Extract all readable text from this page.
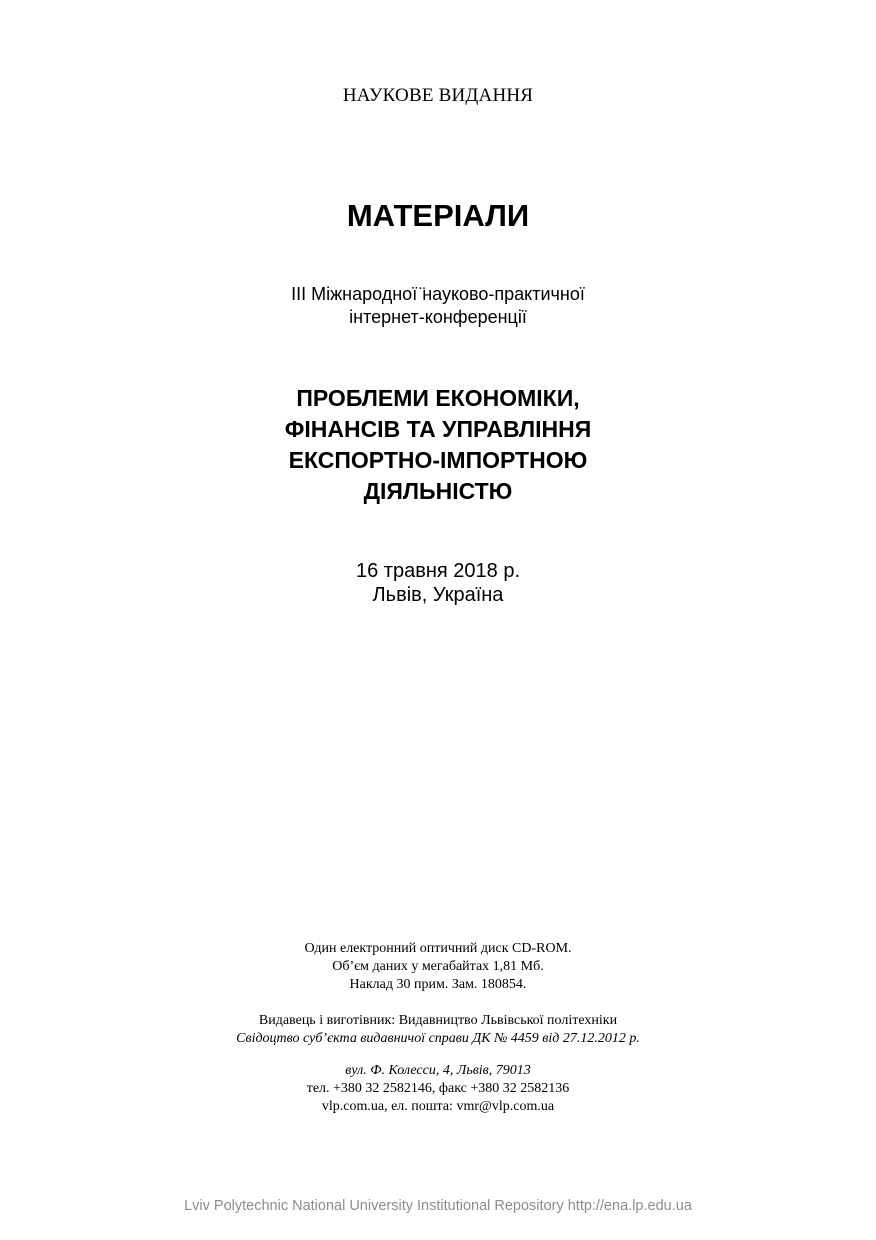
НАУКОВЕ ВИДАННЯ
МАТЕРІАЛИ
ІІІ Міжнародної ̈науково-практичної
інтернет-конференції
ПРОБЛЕМИ ЕКОНОМІКИ,
ФІНАНСІВ ТА УПРАВЛІННЯ
ЕКСПОРТНО-ІМПОРТНОЮ
ДІЯЛЬНІСТЮ
16 травня 2018 р.
Львів, Україна
Один електронний оптичний диск CD-ROM.
Об’єм даних у мегабайтах 1,81 Мб.
Наклад 30 прим. Зам. 180854.
Видавець і виготівник: Видавництво Львівської політехніки
Свідоцтво суб’єкта видавничої справи ДК № 4459 від 27.12.2012 р.
вул. Ф. Колесси, 4, Львів, 79013
тел. +380 32 2582146, факс +380 32 2582136
vlp.com.ua, ел. пошта: vmr@vlp.com.ua
Lviv Polytechnic National University Institutional Repository http://ena.lp.edu.ua
